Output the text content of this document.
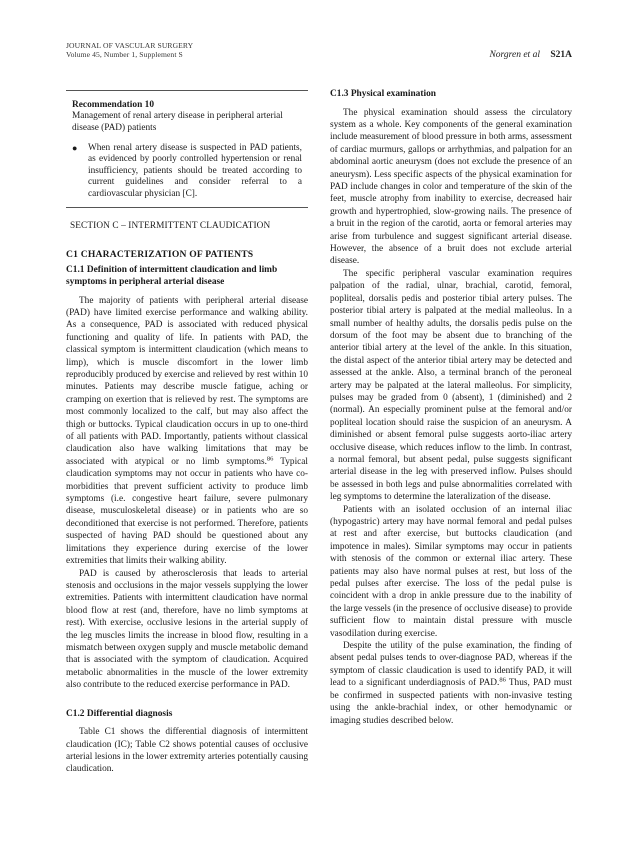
JOURNAL OF VASCULAR SURGERY
Volume 45, Number 1, Supplement S	Norgren et al S21A
Recommendation 10
Management of renal artery disease in peripheral arterial disease (PAD) patients
●	When renal artery disease is suspected in PAD patients, as evidenced by poorly controlled hypertension or renal insufficiency, patients should be treated according to current guidelines and consider referral to a cardiovascular physician [C].
SECTION C – INTERMITTENT CLAUDICATION
C1 CHARACTERIZATION OF PATIENTS
C1.1 Definition of intermittent claudication and limb symptoms in peripheral arterial disease

The majority of patients with peripheral arterial disease (PAD) have limited exercise performance and walking ability. As a consequence, PAD is associated with reduced physical functioning and quality of life. In patients with PAD, the classical symptom is intermittent claudication (which means to limp), which is muscle discomfort in the lower limb reproducibly produced by exercise and relieved by rest within 10 minutes. Patients may describe muscle fatigue, aching or cramping on exertion that is relieved by rest. The symptoms are most commonly localized to the calf, but may also affect the thigh or buttocks. Typical claudication occurs in up to one-third of all patients with PAD. Importantly, patients without classical claudication also have walking limitations that may be associated with atypical or no limb symptoms.$^{86}$ Typical claudication symptoms may not occur in patients who have co-morbidities that prevent sufficient activity to produce limb symptoms (i.e. congestive heart failure, severe pulmonary disease, musculoskeletal disease) or in patients who are so deconditioned that exercise is not performed. Therefore, patients suspected of having PAD should be questioned about any limitations they experience during exercise of the lower extremities that limits their walking ability.

PAD is caused by atherosclerosis that leads to arterial stenosis and occlusions in the major vessels supplying the lower extremities. Patients with intermittent claudication have normal blood flow at rest (and, therefore, have no limb symptoms at rest). With exercise, occlusive lesions in the arterial supply of the leg muscles limits the increase in blood flow, resulting in a mismatch between oxygen supply and muscle metabolic demand that is associated with the symptom of claudication. Acquired metabolic abnormalities in the muscle of the lower extremity also contribute to the reduced exercise performance in PAD.

C1.2 Differential diagnosis

Table C1 shows the differential diagnosis of intermittent claudication (IC); Table C2 shows potential causes of occlusive arterial lesions in the lower extremity arteries potentially causing claudication.

C1.3 Physical examination

The physical examination should assess the circulatory system as a whole. Key components of the general examination include measurement of blood pressure in both arms, assessment of cardiac murmurs, gallops or arrhythmias, and palpation for an abdominal aortic aneurysm (does not exclude the presence of an aneurysm). Less specific aspects of the physical examination for PAD include changes in color and temperature of the skin of the feet, muscle atrophy from inability to exercise, decreased hair growth and hypertrophied, slow-growing nails. The presence of a bruit in the region of the carotid, aorta or femoral arteries may arise from turbulence and suggest significant arterial disease. However, the absence of a bruit does not exclude arterial disease.

The specific peripheral vascular examination requires palpation of the radial, ulnar, brachial, carotid, femoral, popliteal, dorsalis pedis and posterior tibial artery pulses. The posterior tibial artery is palpated at the medial malleolus. In a small number of healthy adults, the dorsalis pedis pulse on the dorsum of the foot may be absent due to branching of the anterior tibial artery at the level of the ankle. In this situation, the distal aspect of the anterior tibial artery may be detected and assessed at the ankle. Also, a terminal branch of the peroneal artery may be palpated at the lateral malleolus. For simplicity, pulses may be graded from 0 (absent), 1 (diminished) and 2 (normal). An especially prominent pulse at the femoral and/or popliteal location should raise the suspicion of an aneurysm. A diminished or absent femoral pulse suggests aorto-iliac artery occlusive disease, which reduces inflow to the limb. In contrast, a normal femoral, but absent pedal, pulse suggests significant arterial disease in the leg with preserved inflow. Pulses should be assessed in both legs and pulse abnormalities correlated with leg symptoms to determine the lateralization of the disease.

Patients with an isolated occlusion of an internal iliac (hypogastric) artery may have normal femoral and pedal pulses at rest and after exercise, but buttocks claudication (and impotence in males). Similar symptoms may occur in patients with stenosis of the common or external iliac artery. These patients may also have normal pulses at rest, but loss of the pedal pulses after exercise. The loss of the pedal pulse is coincident with a drop in ankle pressure due to the inability of the large vessels (in the presence of occlusive disease) to provide sufficient flow to maintain distal pressure with muscle vasodilation during exercise.

Despite the utility of the pulse examination, the finding of absent pedal pulses tends to over-diagnose PAD, whereas if the symptom of classic claudication is used to identify PAD, it will lead to a significant underdiagnosis of PAD.$^{86}$ Thus, PAD must be confirmed in suspected patients with non-invasive testing using the ankle-brachial index, or other hemodynamic or imaging studies described below.
